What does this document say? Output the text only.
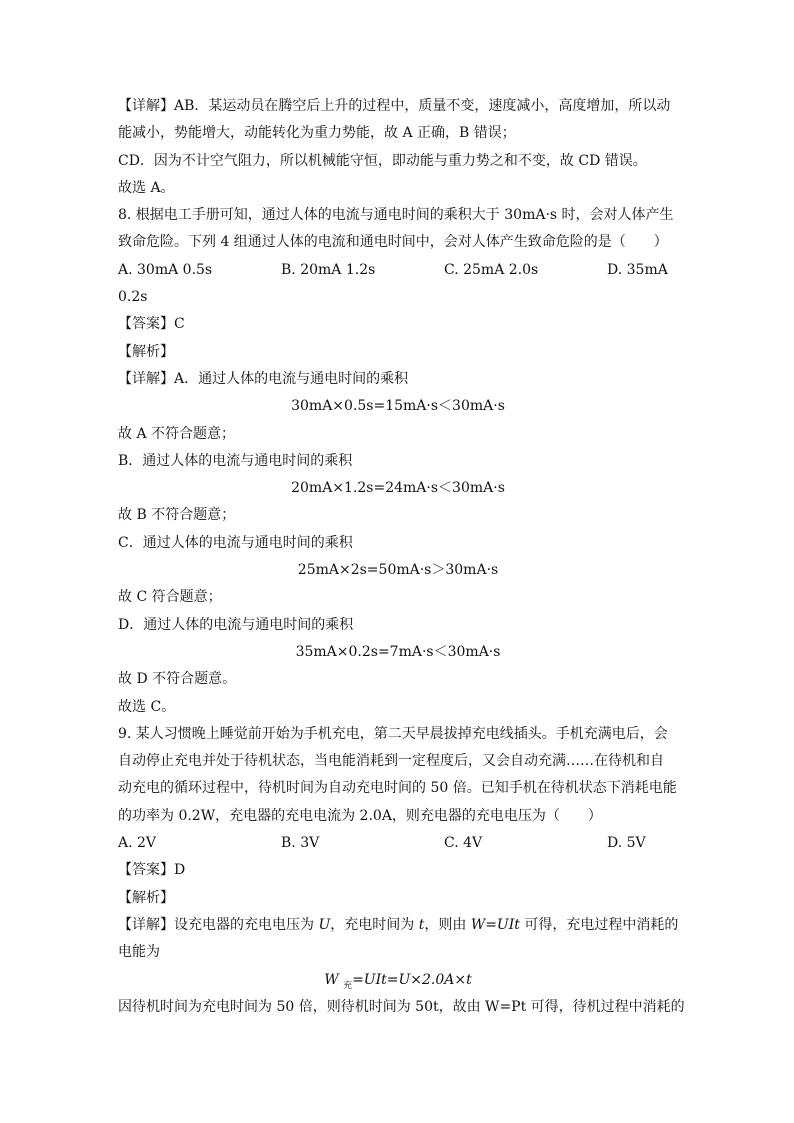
【详解】AB．某运动员在腾空后上升的过程中，质量不变，速度减小，高度增加，所以动
能减小，势能增大，动能转化为重力势能，故 A 正确，B 错误；
CD．因为不计空气阻力，所以机械能守恒，即动能与重力势之和不变，故 CD 错误。
故选 A。
8. 根据电工手册可知，通过人体的电流与通电时间的乘积大于 30mA·s 时，会对人体产生
致命危险。下列 4 组通过人体的电流和通电时间中，会对人体产生致命危险的是（　　）
A. 30mA 0.5s	B. 20mA 1.2s	C. 25mA 2.0s	D. 35mA
0.2s
【答案】C
【解析】
【详解】A．通过人体的电流与通电时间的乘积
30mA×0.5s=15mA·s＜30mA·s
故 A 不符合题意；
B．通过人体的电流与通电时间的乘积
20mA×1.2s=24mA·s＜30mA·s
故 B 不符合题意；
C．通过人体的电流与通电时间的乘积
25mA×2s=50mA·s＞30mA·s
故 C 符合题意；
D．通过人体的电流与通电时间的乘积
35mA×0.2s=7mA·s＜30mA·s
故 D 不符合题意。
故选 C。
9. 某人习惯晚上睡觉前开始为手机充电，第二天早晨拔掉充电线插头。手机充满电后，会
自动停止充电并处于待机状态，当电能消耗到一定程度后，又会自动充满……在待机和自
动充电的循环过程中，待机时间为自动充电时间的 50 倍。已知手机在待机状态下消耗电能
的功率为 0.2W，充电器的充电电流为 2.0A，则充电器的充电电压为（　　）
A. 2V	B. 3V	C. 4V	D. 5V
【答案】D
【解析】
【详解】设充电器的充电电压为 U，充电时间为 t，则由 W=UIt 可得，充电过程中消耗的
电能为
W $_充$=UIt=U×2.0A×t
因待机时间为充电时间为 50 倍，则待机时间为 50t，故由 W=Pt 可得，待机过程中消耗的
